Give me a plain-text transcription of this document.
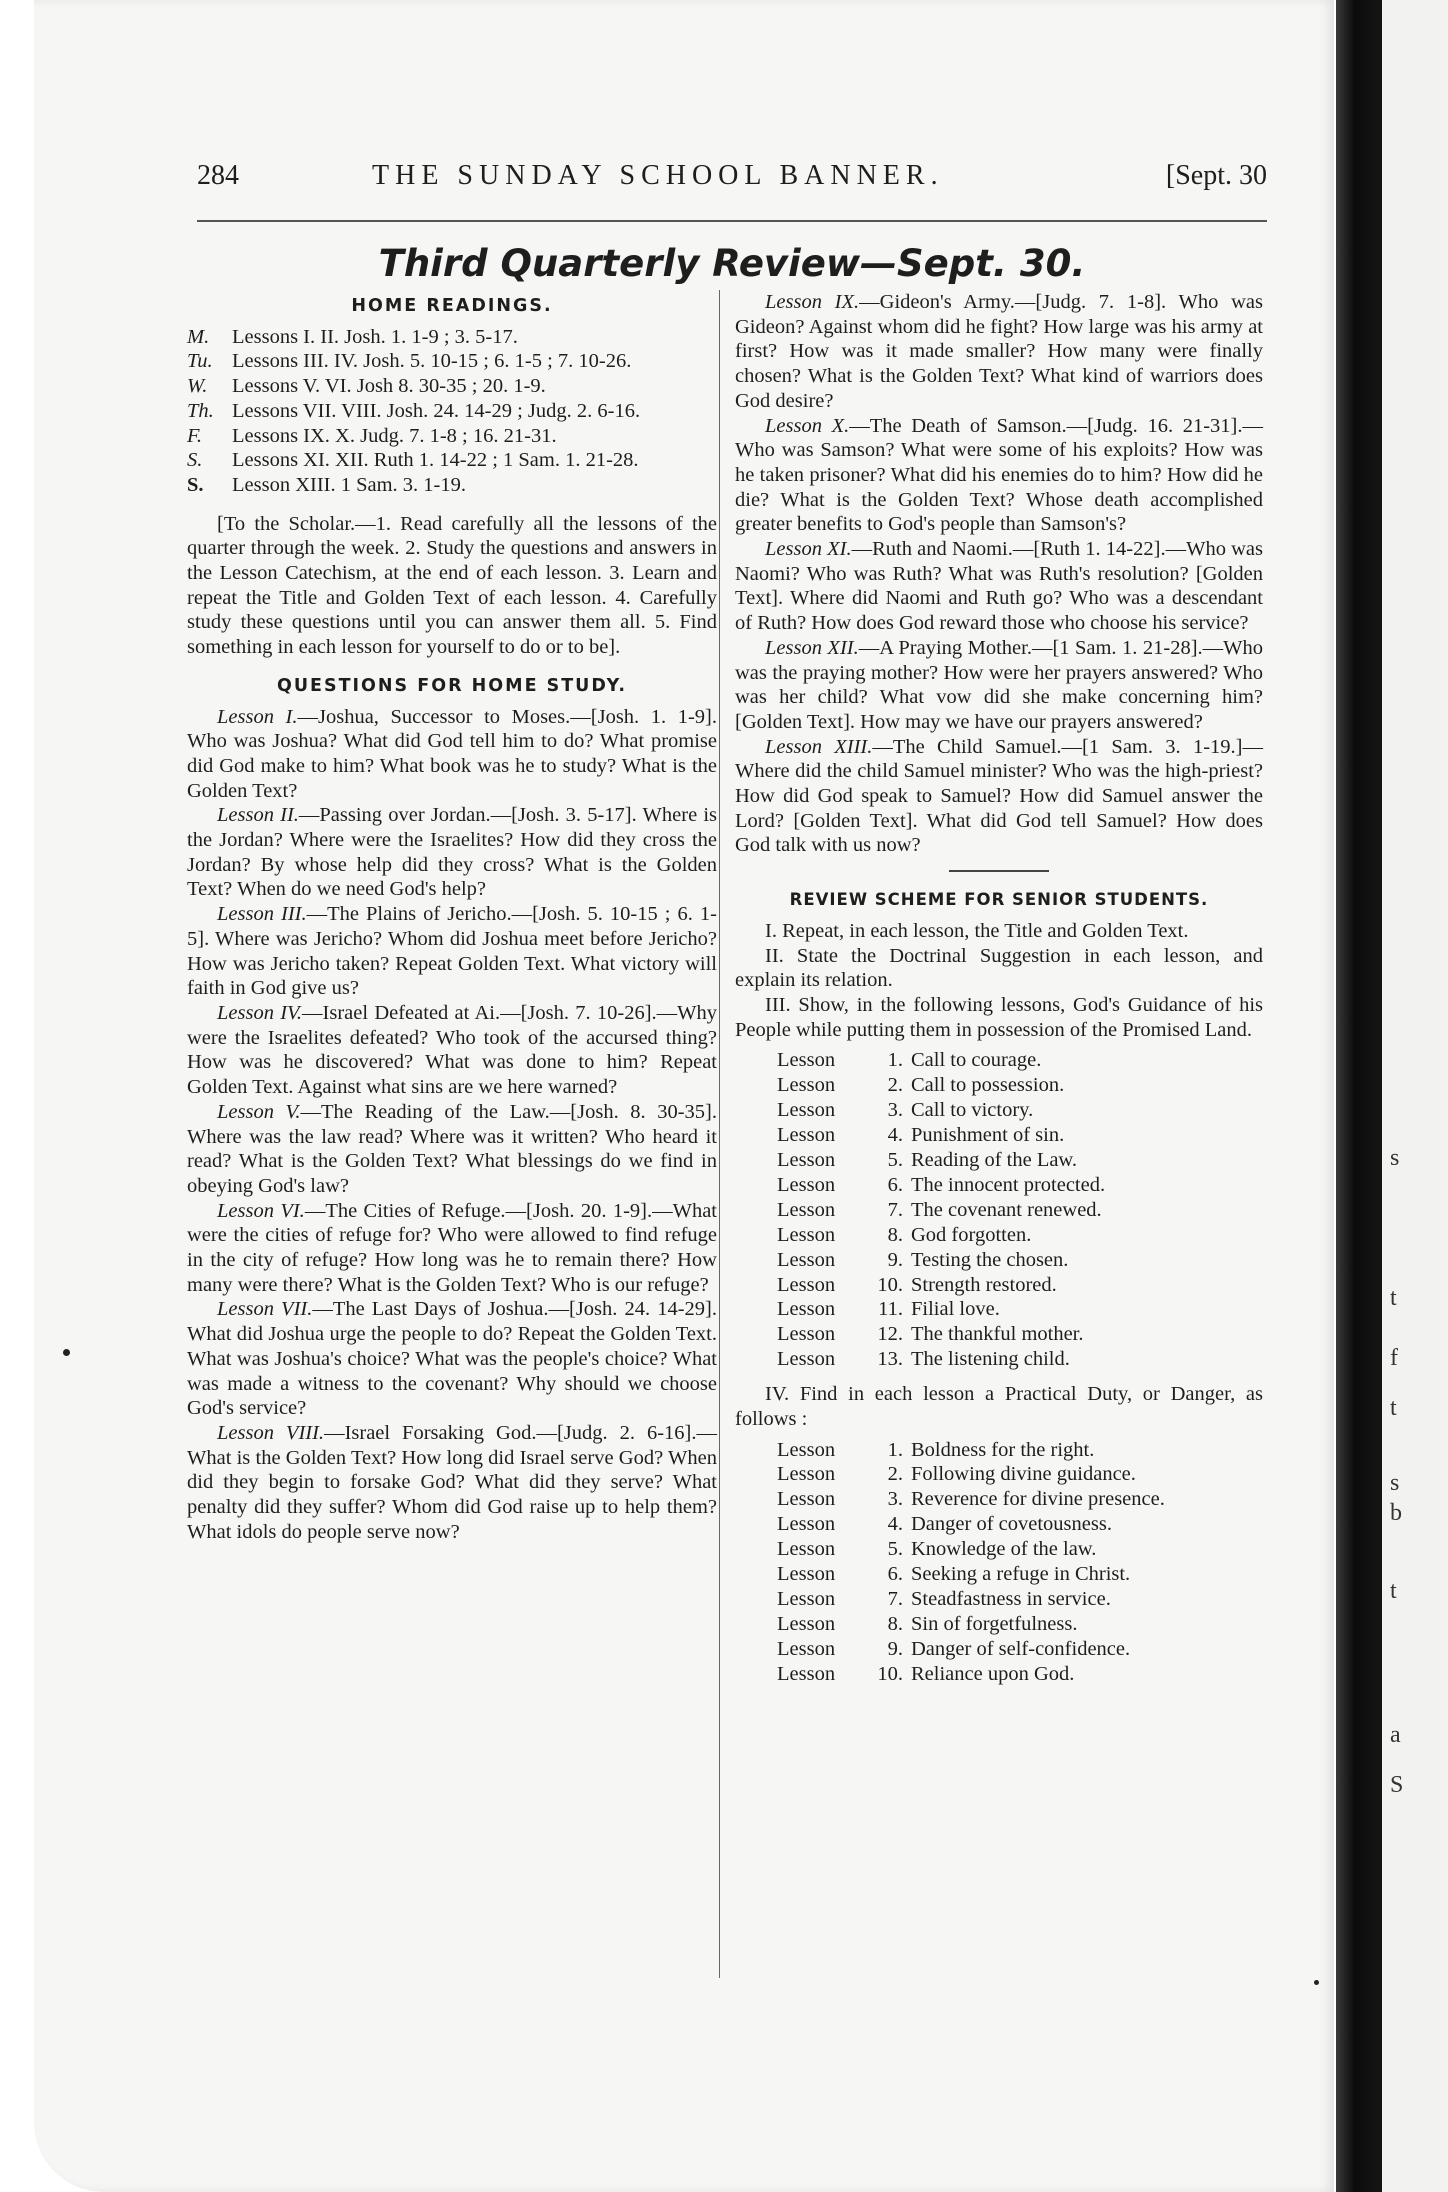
s
t
f
t
s
b
t
a
S
284	THE SUNDAY SCHOOL BANNER.	[Sept. 30
Third Quarterly Review—Sept. 30.
HOME READINGS.
M.	Lessons I. II. Josh. 1. 1-9 ; 3. 5-17.
Tu. Lessons III. IV. Josh. 5. 10-15 ; 6. 1-5 ; 7. 10-26.
W.	Lessons V. VI. Josh 8. 30-35 ; 20. 1-9.
Th. Lessons VII. VIII. Josh. 24. 14-29 ; Judg. 2. 6-16.
F.	Lessons IX. X. Judg. 7. 1-8 ; 16. 21-31.
S.	Lessons XI. XII. Ruth 1. 14-22 ; 1 Sam. 1. 21-28.
S.	Lesson XIII. 1 Sam. 3. 1-19.

[To the Scholar.—1. Read carefully all the lessons of the quarter through the week. 2. Study the questions and answers in the Lesson Catechism, at the end of each lesson. 3. Learn and repeat the Title and Golden Text of each lesson. 4. Carefully study these questions until you can answer them all. 5. Find something in each lesson for yourself to do or to be].

QUESTIONS FOR HOME STUDY.

Lesson I.—Joshua, Successor to Moses.—[Josh. 1. 1-9]. Who was Joshua? What did God tell him to do? What promise did God make to him? What book was he to study? What is the Golden Text?

Lesson II.—Passing over Jordan.—[Josh. 3. 5-17]. Where is the Jordan? Where were the Israelites? How did they cross the Jordan? By whose help did they cross? What is the Golden Text? When do we need God's help?

Lesson III.—The Plains of Jericho.—[Josh. 5. 10-15 ; 6. 1-5]. Where was Jericho? Whom did Joshua meet before Jericho? How was Jericho taken? Repeat Golden Text. What victory will faith in God give us?

Lesson IV.—Israel Defeated at Ai.—[Josh. 7. 10-26].—Why were the Israelites defeated? Who took of the accursed thing? How was he discovered? What was done to him? Repeat Golden Text. Against what sins are we here warned?

Lesson V.—The Reading of the Law.—[Josh. 8. 30-35]. Where was the law read? Where was it written? Who heard it read? What is the Golden Text? What blessings do we find in obeying God's law?

Lesson VI.—The Cities of Refuge.—[Josh. 20. 1-9].—What were the cities of refuge for? Who were allowed to find refuge in the city of refuge? How long was he to remain there? How many were there? What is the Golden Text? Who is our refuge?

Lesson VII.—The Last Days of Joshua.—[Josh. 24. 14-29]. What did Joshua urge the people to do? Repeat the Golden Text. What was Joshua's choice? What was the people's choice? What was made a witness to the covenant? Why should we choose God's service?

Lesson VIII.—Israel Forsaking God.—[Judg. 2. 6-16].—What is the Golden Text? How long did Israel serve God? When did they begin to forsake God? What did they serve? What penalty did they suffer? Whom did God raise up to help them? What idols do people serve now?

Lesson IX.—Gideon's Army.—[Judg. 7. 1-8]. Who was Gideon? Against whom did he fight? How large was his army at first? How was it made smaller? How many were finally chosen? What is the Golden Text? What kind of warriors does God desire?

Lesson X.—The Death of Samson.—[Judg. 16. 21-31].—Who was Samson? What were some of his exploits? How was he taken prisoner? What did his enemies do to him? How did he die? What is the Golden Text? Whose death accomplished greater benefits to God's people than Samson's?

Lesson XI.—Ruth and Naomi.—[Ruth 1. 14-22].—Who was Naomi? Who was Ruth? What was Ruth's resolution? [Golden Text]. Where did Naomi and Ruth go? Who was a descendant of Ruth? How does God reward those who choose his service?

Lesson XII.—A Praying Mother.—[1 Sam. 1. 21-28].—Who was the praying mother? How were her prayers answered? Who was her child? What vow did she make concerning him? [Golden Text]. How may we have our prayers answered?

Lesson XIII.—The Child Samuel.—[1 Sam. 3. 1-19.]—Where did the child Samuel minister? Who was the high-priest? How did God speak to Samuel? How did Samuel answer the Lord? [Golden Text]. What did God tell Samuel? How does God talk with us now?

REVIEW SCHEME FOR SENIOR STUDENTS.

I. Repeat, in each lesson, the Title and Golden Text.

II. State the Doctrinal Suggestion in each lesson, and explain its relation.

III. Show, in the following lessons, God's Guidance of his People while putting them in possession of the Promised Land.

Lesson	1. Call to courage.
Lesson	2. Call to possession.
Lesson	3. Call to victory.
Lesson	4. Punishment of sin.
Lesson	5. Reading of the Law.
Lesson	6. The innocent protected.
Lesson	7. The covenant renewed.
Lesson	8. God forgotten.
Lesson	9. Testing the chosen.
Lesson	10. Strength restored.
Lesson	11. Filial love.
Lesson	12. The thankful mother.
Lesson	13. The listening child.

IV. Find in each lesson a Practical Duty, or Danger, as follows :

Lesson	1. Boldness for the right.
Lesson	2. Following divine guidance.
Lesson	3. Reverence for divine presence.
Lesson	4. Danger of covetousness.
Lesson	5. Knowledge of the law.
Lesson	6. Seeking a refuge in Christ.
Lesson	7. Steadfastness in service.
Lesson	8. Sin of forgetfulness.
Lesson	9. Danger of self-confidence.
Lesson	10. Reliance upon God.
